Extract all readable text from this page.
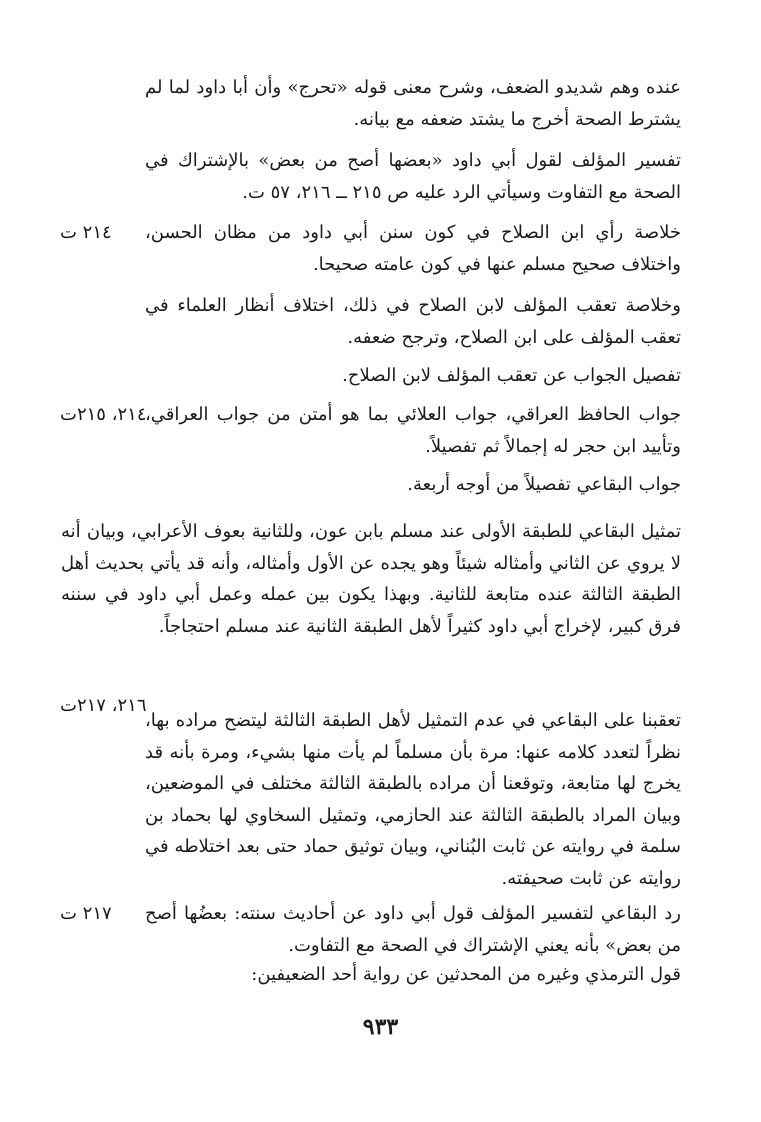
عنده وهم شديدو الضعف، وشرح معنى قوله «تحرج» وأن أبا داود لما لم يشترط الصحة أخرج ما يشتد ضعفه مع بيانه.
تفسير المؤلف لقول أبي داود «بعضها أصح من بعض» بالإشتراك في الصحة مع التفاوت وسيأتي الرد عليه ص ٢١٥ ــ ٢١٦، ٥٧ ت.
خلاصة رأي ابن الصلاح في كون سنن أبي داود من مظان الحسن، واختلاف صحيح مسلم عنها في كون عامته صحيحا.
٢١٤ ت
وخلاصة تعقب المؤلف لابن الصلاح في ذلك، اختلاف أنظار العلماء في تعقب المؤلف على ابن الصلاح، وترجح ضعفه.
تفصيل الجواب عن تعقب المؤلف لابن الصلاح.
جواب الحافظ العراقي، جواب العلائي بما هو أمتن من جواب العراقي، وتأييد ابن حجر له إجمالاً ثم تفصيلاً.
٢١٤، ٢١٥ت
جواب البقاعي تفصيلاً من أوجه أربعة.
تمثيل البقاعي للطبقة الأولى عند مسلم بابن عون، وللثانية بعوف الأعرابي، وبيان أنه لا يروي عن الثاني وأمثاله شيئاً وهو يجده عن الأول وأمثاله، وأنه قد يأتي بحديث أهل الطبقة الثالثة عنده متابعة للثانية. وبهذا يكون بين عمله وعمل أبي داود في سننه فرق كبير، لإخراج أبي داود كثيراً لأهل الطبقة الثانية عند مسلم احتجاجاً.
تعقبنا على البقاعي في عدم التمثيل لأهل الطبقة الثالثة ليتضح مراده بها، نظراً لتعدد كلامه عنها: مرة بأن مسلماً لم يأت منها بشيء، ومرة بأنه قد يخرج لها متابعة، وتوقعنا أن مراده بالطبقة الثالثة مختلف في الموضعين، وبيان المراد بالطبقة الثالثة عند الحازمي، وتمثيل السخاوي لها بحماد بن سلمة في روايته عن ثابت البُناني، وبيان توثيق حماد حتى بعد اختلاطه في روايته عن ثابت صحيفته.
٢١٦، ٢١٧ت
رد البقاعي لتفسير المؤلف قول أبي داود عن أحاديث سنته: بعضُها أصح من بعض» بأنه يعني الإشتراك في الصحة مع التفاوت.
٢١٧ ت
قول الترمذي وغيره من المحدثين عن رواية أحد الضعيفين:
٩٣٣
